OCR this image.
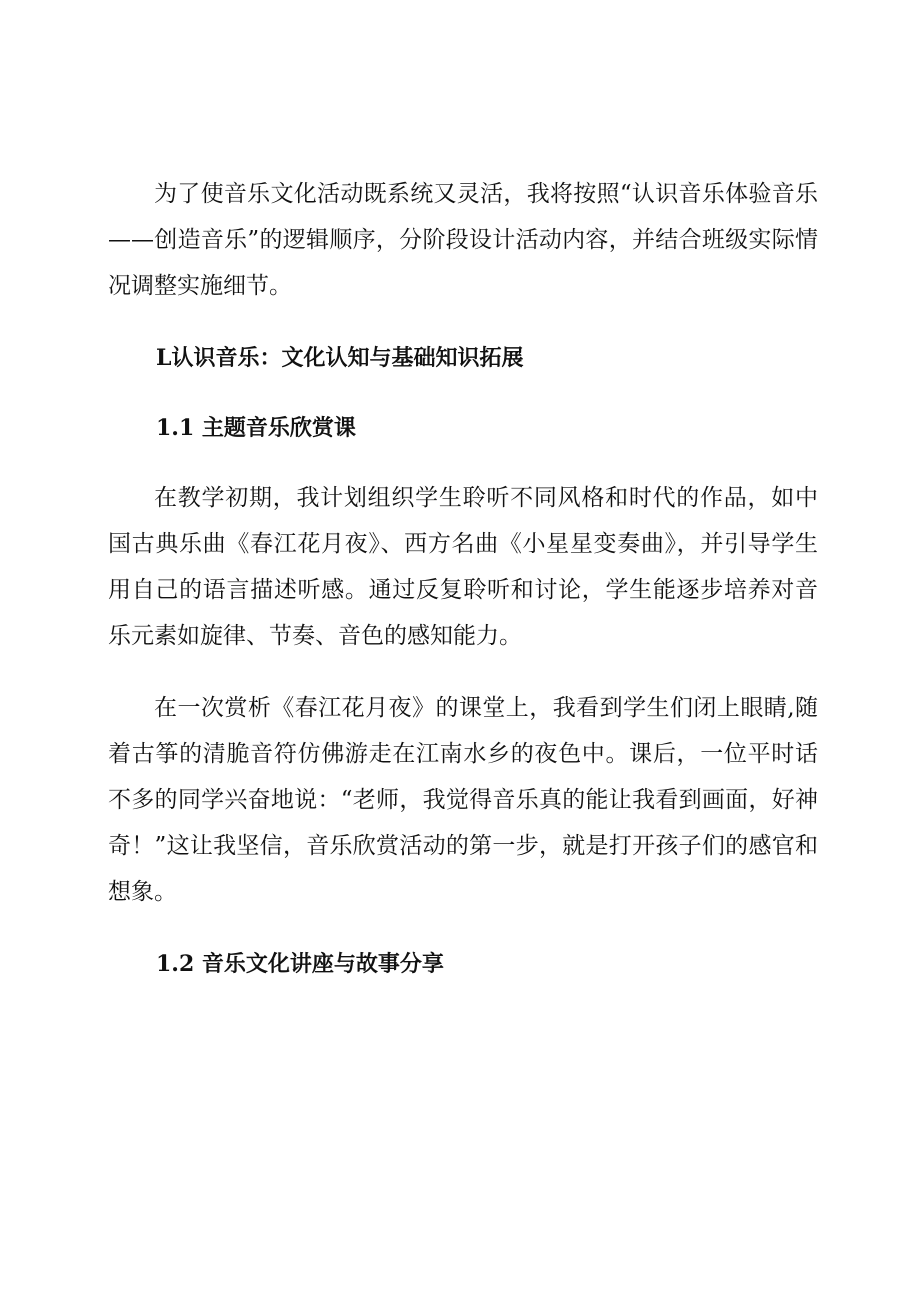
为了使音乐文化活动既系统又灵活，我将按照“认识音乐体验音乐——创造音乐”的逻辑顺序，分阶段设计活动内容，并结合班级实际情况调整实施细节。

L认识音乐：文化认知与基础知识拓展
1.1 主题音乐欣赏课

在教学初期，我计划组织学生聆听不同风格和时代的作品，如中国古典乐曲《春江花月夜》、西方名曲《小星星变奏曲》，并引导学生用自己的语言描述听感。通过反复聆听和讨论，学生能逐步培养对音乐元素如旋律、节奏、音色的感知能力。

在一次赏析《春江花月夜》的课堂上，我看到学生们闭上眼睛,随着古筝的清脆音符仿佛游走在江南水乡的夜色中。课后，一位平时话不多的同学兴奋地说：“老师，我觉得音乐真的能让我看到画面，好神奇！”这让我坚信，音乐欣赏活动的第一步，就是打开孩子们的感官和想象。

1.2 音乐文化讲座与故事分享
